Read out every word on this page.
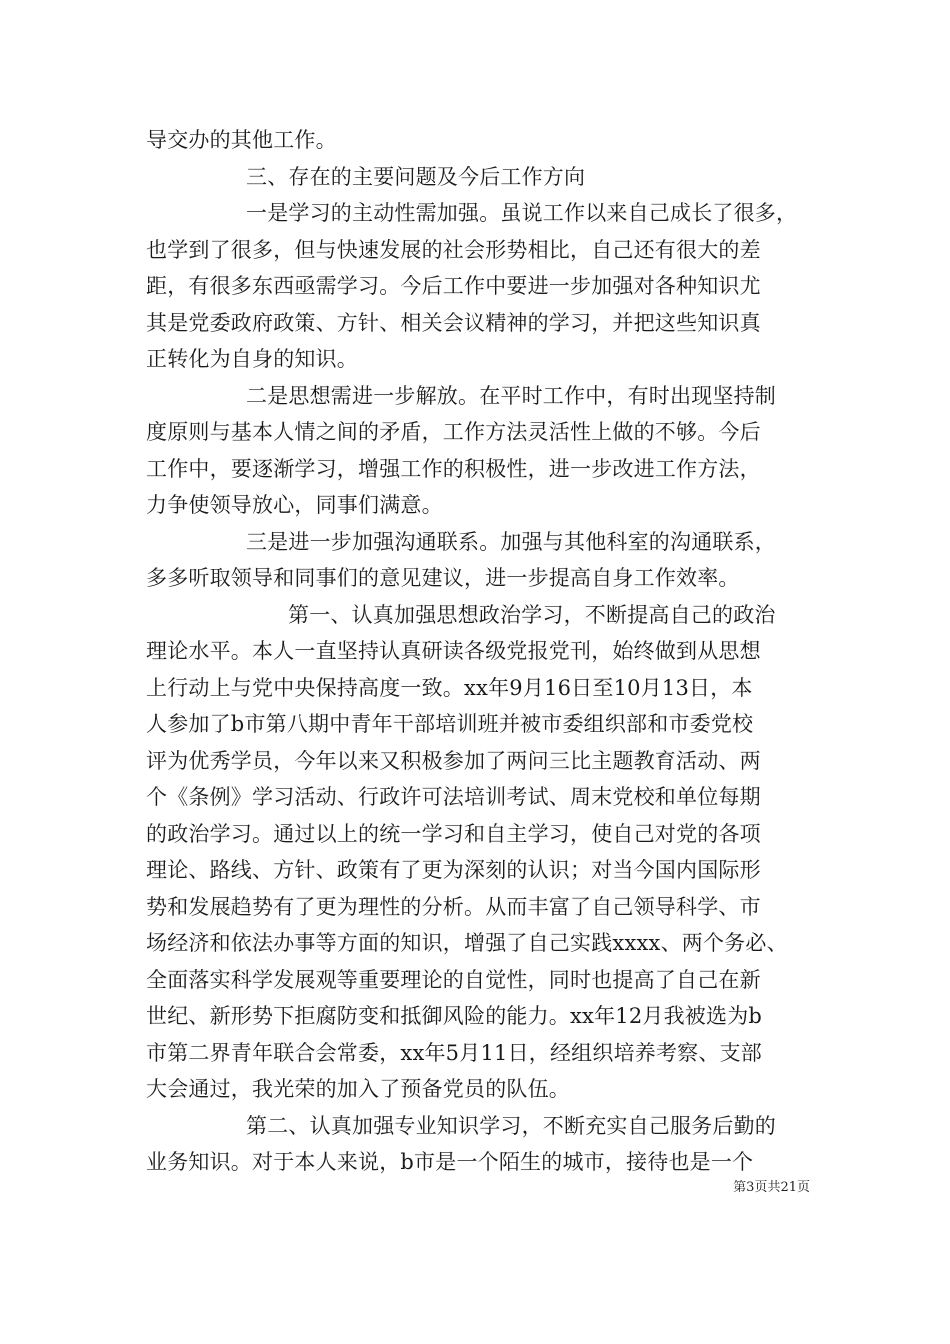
导交办的其他工作。
三、存在的主要问题及今后工作方向
一是学习的主动性需加强。虽说工作以来自己成长了很多，
也学到了很多，但与快速发展的社会形势相比，自己还有很大的差
距，有很多东西亟需学习。今后工作中要进一步加强对各种知识尤
其是党委政府政策、方针、相关会议精神的学习，并把这些知识真
正转化为自身的知识。
二是思想需进一步解放。在平时工作中，有时出现坚持制
度原则与基本人情之间的矛盾，工作方法灵活性上做的不够。今后
工作中，要逐渐学习，增强工作的积极性，进一步改进工作方法，
力争使领导放心，同事们满意。
三是进一步加强沟通联系。加强与其他科室的沟通联系，
多多听取领导和同事们的意见建议，进一步提高自身工作效率。
第一、认真加强思想政治学习，不断提高自己的政治
理论水平。本人一直坚持认真研读各级党报党刊，始终做到从思想
上行动上与党中央保持高度一致。xx年9月16日至10月13日，本
人参加了b市第八期中青年干部培训班并被市委组织部和市委党校
评为优秀学员，今年以来又积极参加了两问三比主题教育活动、两
个《条例》学习活动、行政许可法培训考试、周末党校和单位每期
的政治学习。通过以上的统一学习和自主学习，使自己对党的各项
理论、路线、方针、政策有了更为深刻的认识；对当今国内国际形
势和发展趋势有了更为理性的分析。从而丰富了自己领导科学、市
场经济和依法办事等方面的知识，增强了自己实践xxxx、两个务必、
全面落实科学发展观等重要理论的自觉性，同时也提高了自己在新
世纪、新形势下拒腐防变和抵御风险的能力。xx年12月我被选为b
市第二界青年联合会常委，xx年5月11日，经组织培养考察、支部
大会通过，我光荣的加入了预备党员的队伍。
第二、认真加强专业知识学习，不断充实自己服务后勤的
业务知识。对于本人来说，b市是一个陌生的城市，接待也是一个
第3页共21页
